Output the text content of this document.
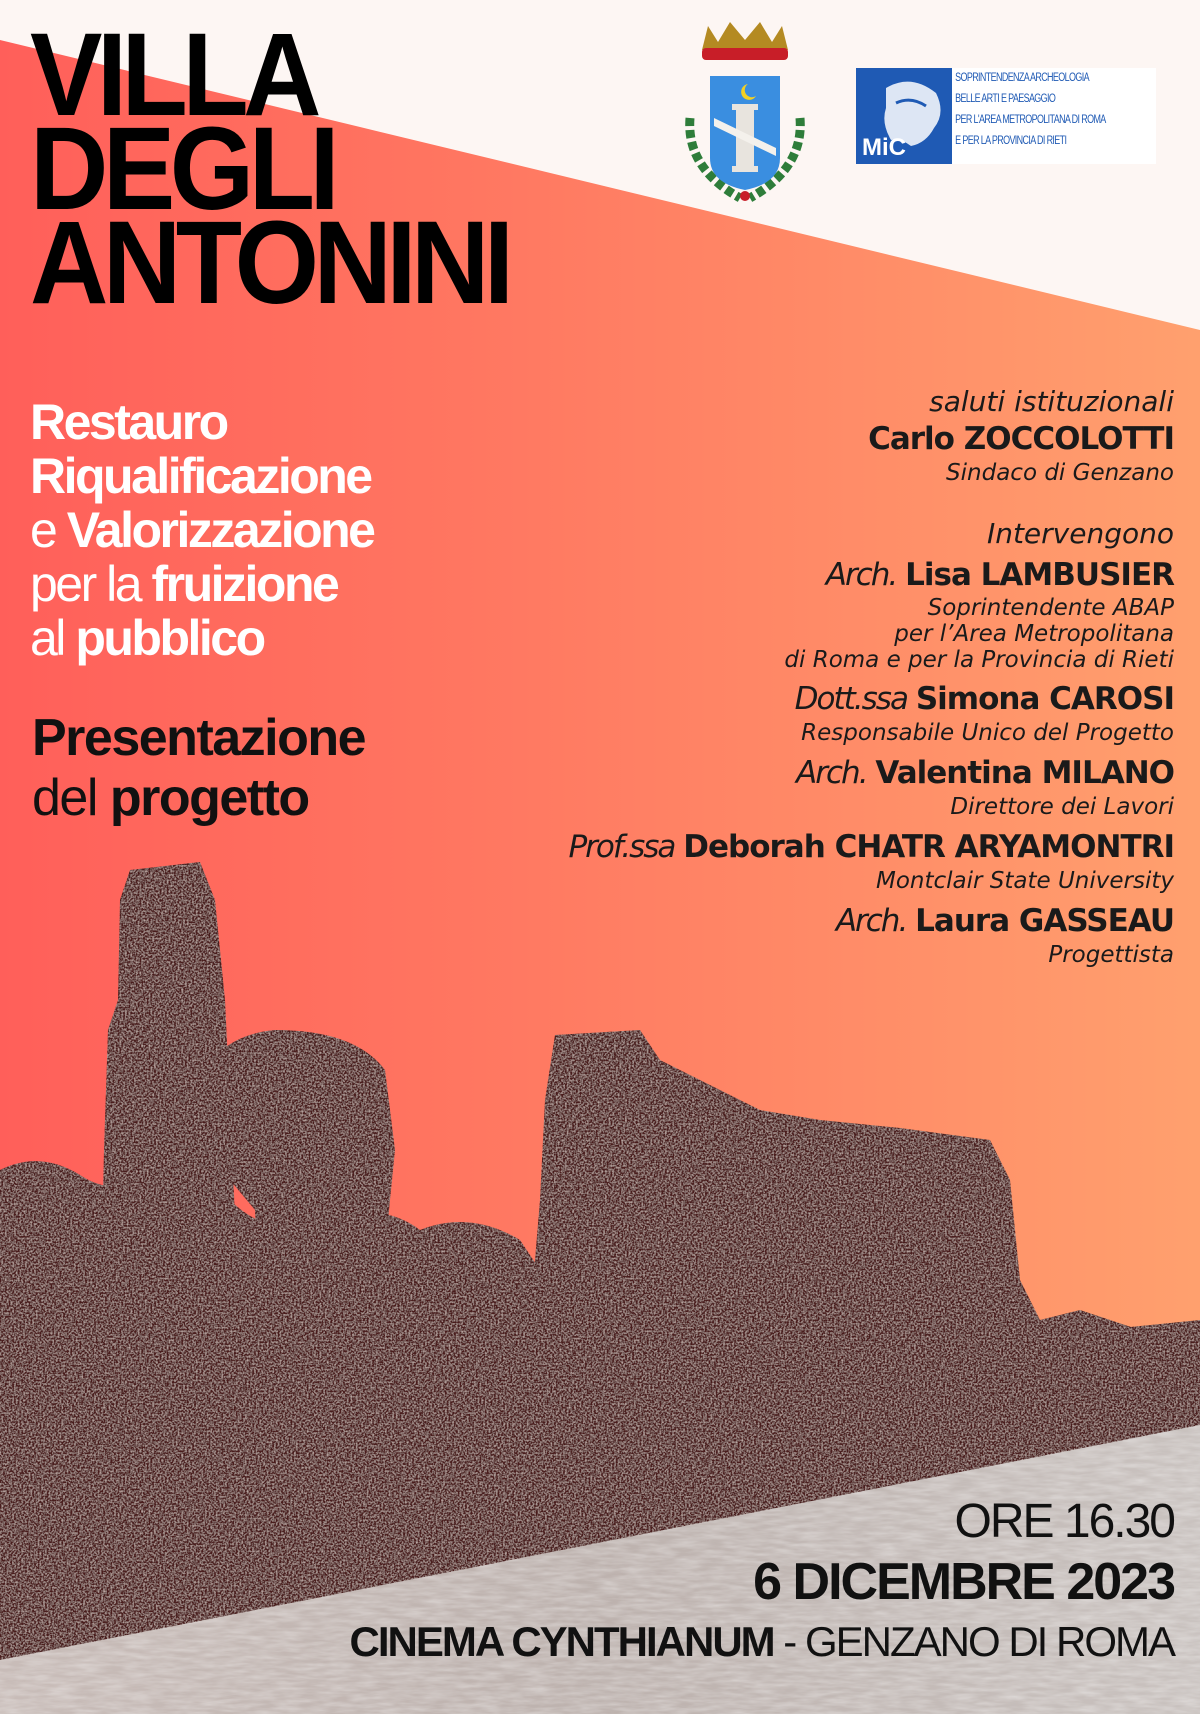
MiC
SOPRINTENDENZA ARCHEOLOGIA
BELLE ARTI E PAESAGGIO
PER L'AREA METROPOLITANA DI ROMA
E PER LA PROVINCIA DI RIETI
VILLA
DEGLI
ANTONINI
Restauro
Riqualificazione
e Valorizzazione
per la fruizione
al pubblico
Presentazione
del progetto

saluti istituzionali

Carlo ZOCCOLOTTI

Sindaco di Genzano

Intervengono

Arch. Lisa LAMBUSIER

Soprintendente ABAP

per l’Area Metropolitana

di Roma e per la Provincia di Rieti

Dott.ssa Simona CAROSI

Responsabile Unico del Progetto

Arch. Valentina MILANO

Direttore dei Lavori

Prof.ssa Deborah CHATR ARYAMONTRI

Montclair State University

Arch. Laura GASSEAU

Progettista

ORE 16.30
6 DICEMBRE 2023
CINEMA CYNTHIANUM - GENZANO DI ROMA
